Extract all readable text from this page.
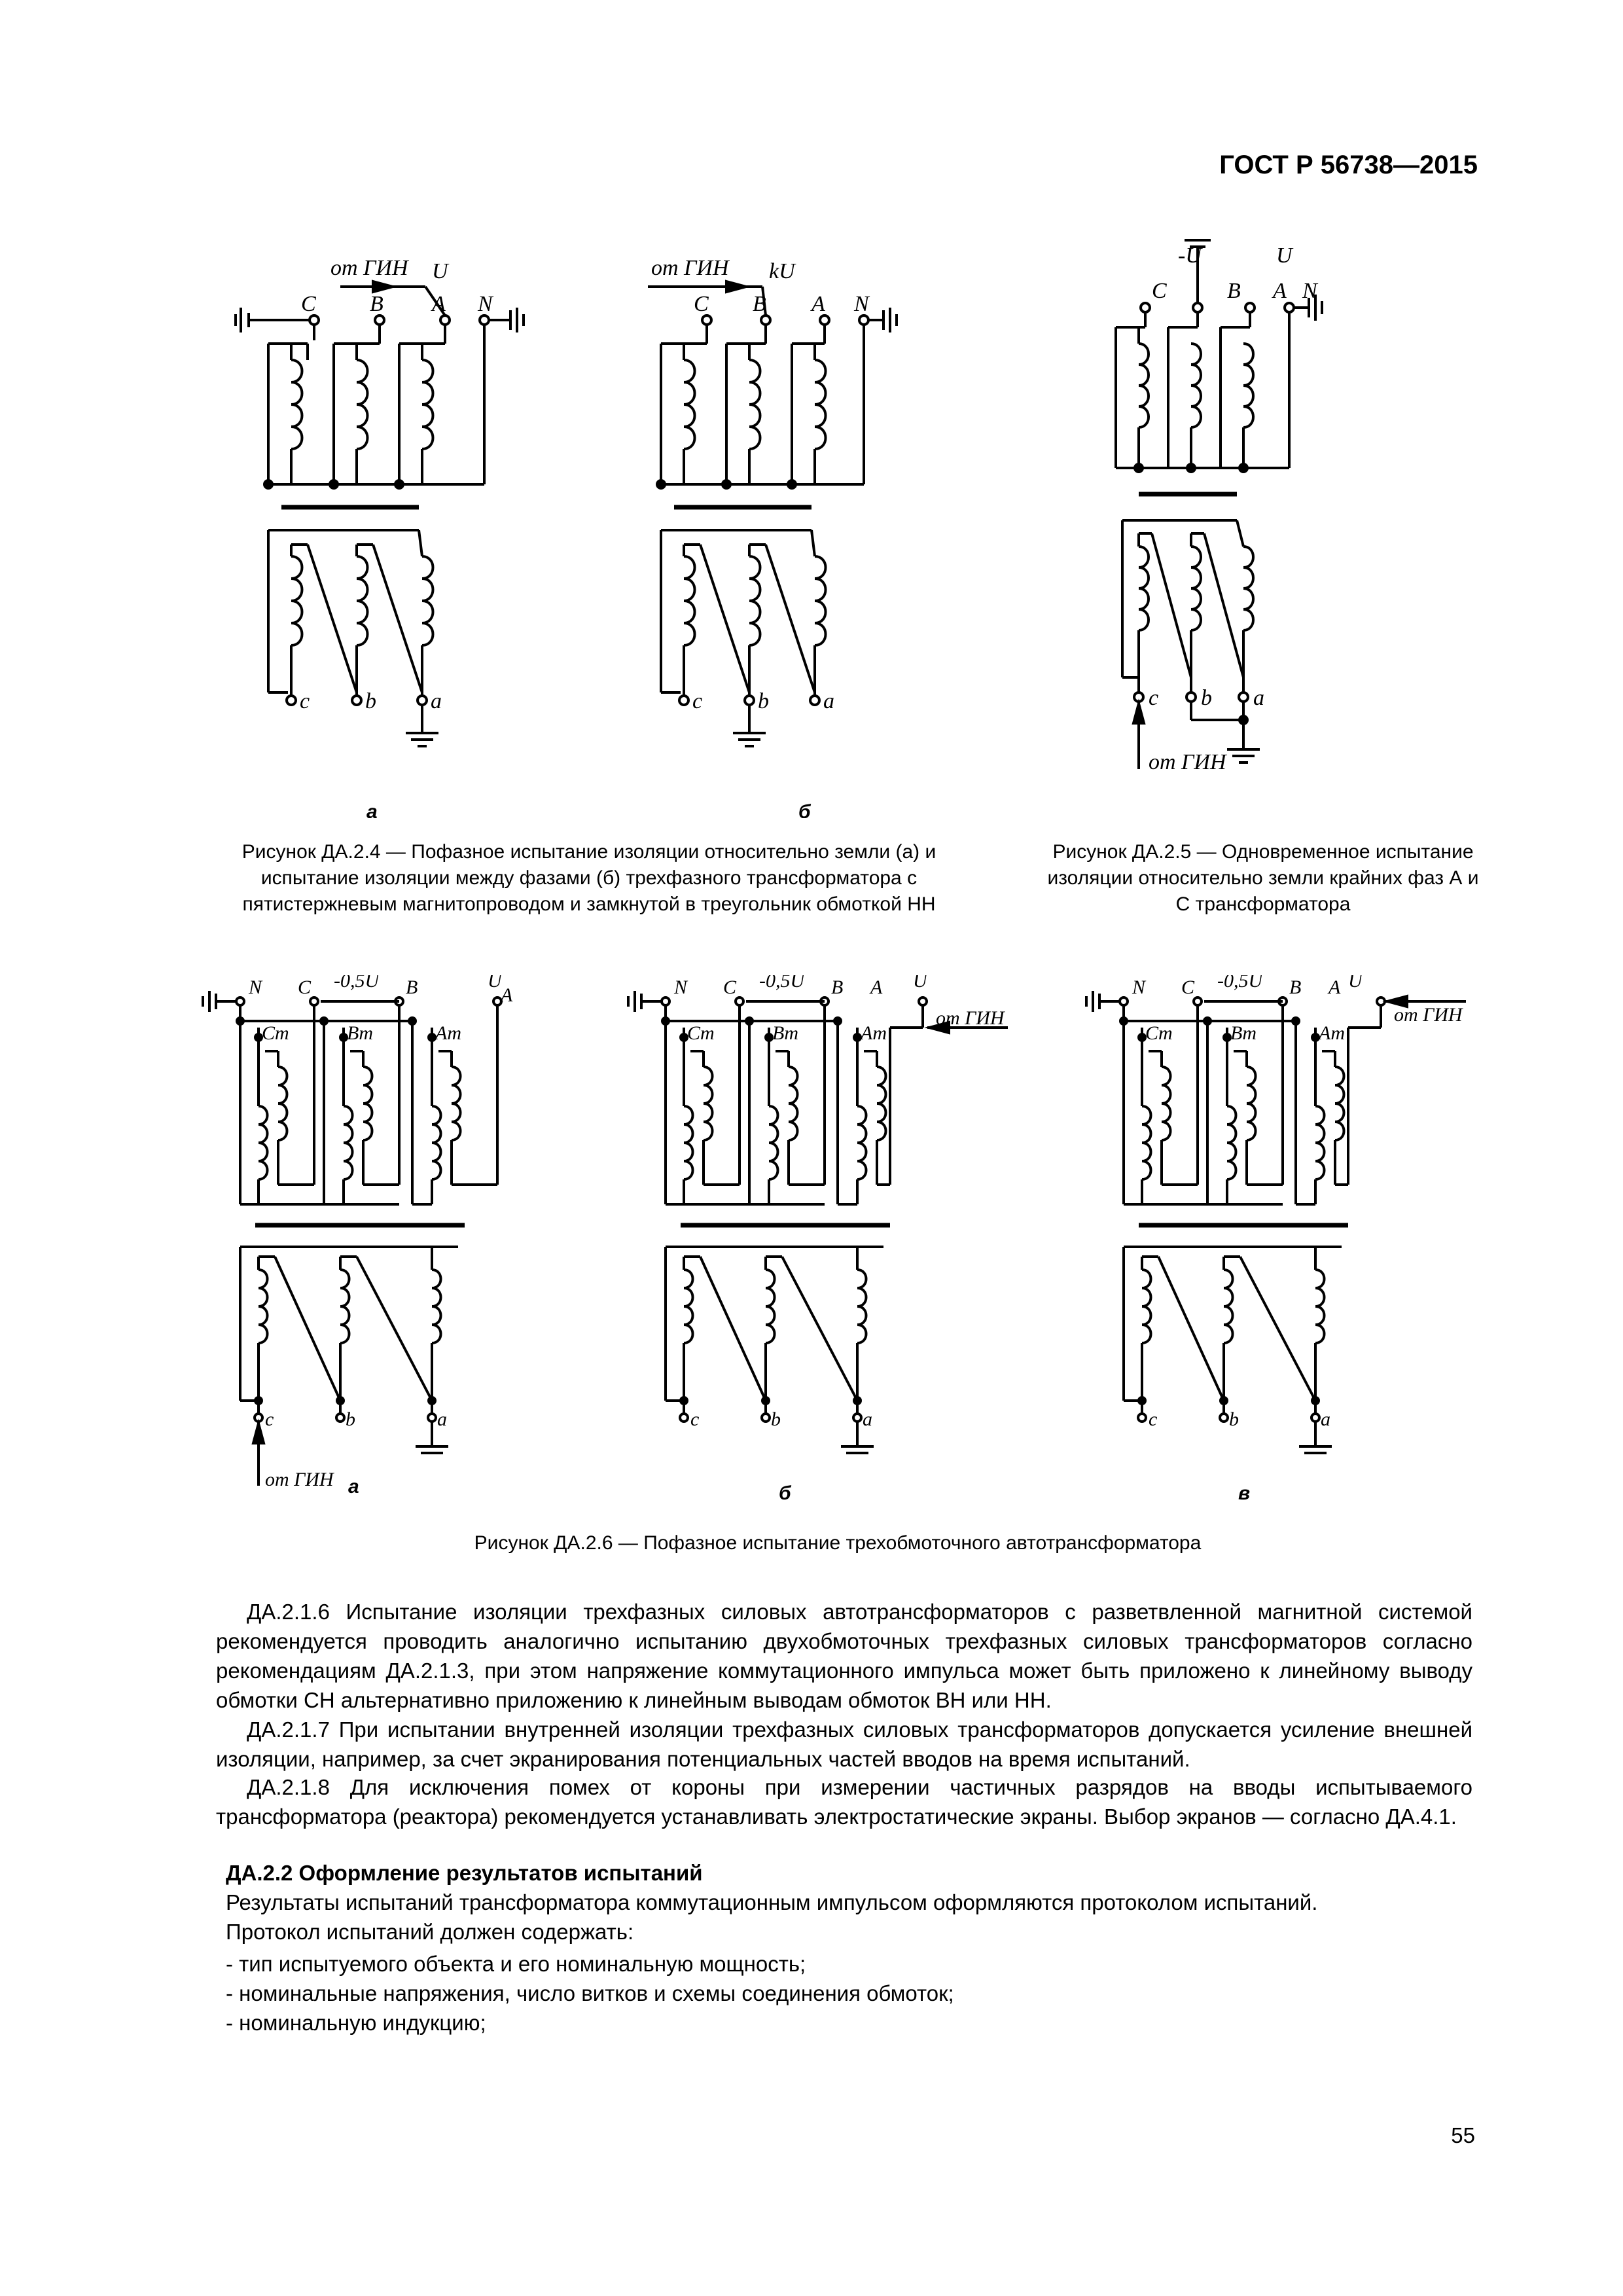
ГОСТ Р 56738—2015
от ГИН U
C B A N
c b a
от ГИН kU
C B A N
c b a
а	б
-U	U
C	B A N
c b a
от ГИН
Рисунок ДА.2.4 — Пофазное испытание изоляции относительно земли (а) и испытание изоляции между фазами (б) трехфазного трансформатора с пятистержневым магнитопроводом и замкнутой в треугольник обмоткой НН
Рисунок ДА.2.5 — Одновременное испытание изоляции относительно земли крайних фаз А и С трансформатора
N C -0,5U B	U
A
Cm	Bm	Am
c	b	a
от ГИН
N C -0,5U B A U
Cm	Bm	Am
от ГИН
c	b	a
N C -0,5U B A U
Cm	Bm	Am
от ГИН
c	b	a
а	б	в
Рисунок ДА.2.6 — Пофазное испытание трехобмоточного автотрансформатора

ДА.2.1.6 Испытание изоляции трехфазных силовых автотрансформаторов с разветвленной магнитной системой рекомендуется проводить аналогично испытанию двухобмоточных трехфазных силовых трансформаторов согласно рекомендациям ДА.2.1.3, при этом напряжение коммутационного импульса может быть приложено к линейному выводу обмотки СН альтернативно приложению к линейным выводам обмоток ВН или НН.

ДА.2.1.7 При испытании внутренней изоляции трехфазных силовых трансформаторов допускается усиление внешней изоляции, например, за счет экранирования потенциальных частей вводов на время испытаний.

ДА.2.1.8 Для исключения помех от короны при измерении частичных разрядов на вводы испытываемого трансформатора (реактора) рекомендуется устанавливать электростатические экраны. Выбор экранов — согласно ДА.4.1.

ДА.2.2 Оформление результатов испытаний
Результаты испытаний трансформатора коммутационным импульсом оформляются протоколом испытаний.
Протокол испытаний должен содержать:
- тип испытуемого объекта и его номинальную мощность;
- номинальные напряжения, число витков и схемы соединения обмоток;
- номинальную индукцию;
55
